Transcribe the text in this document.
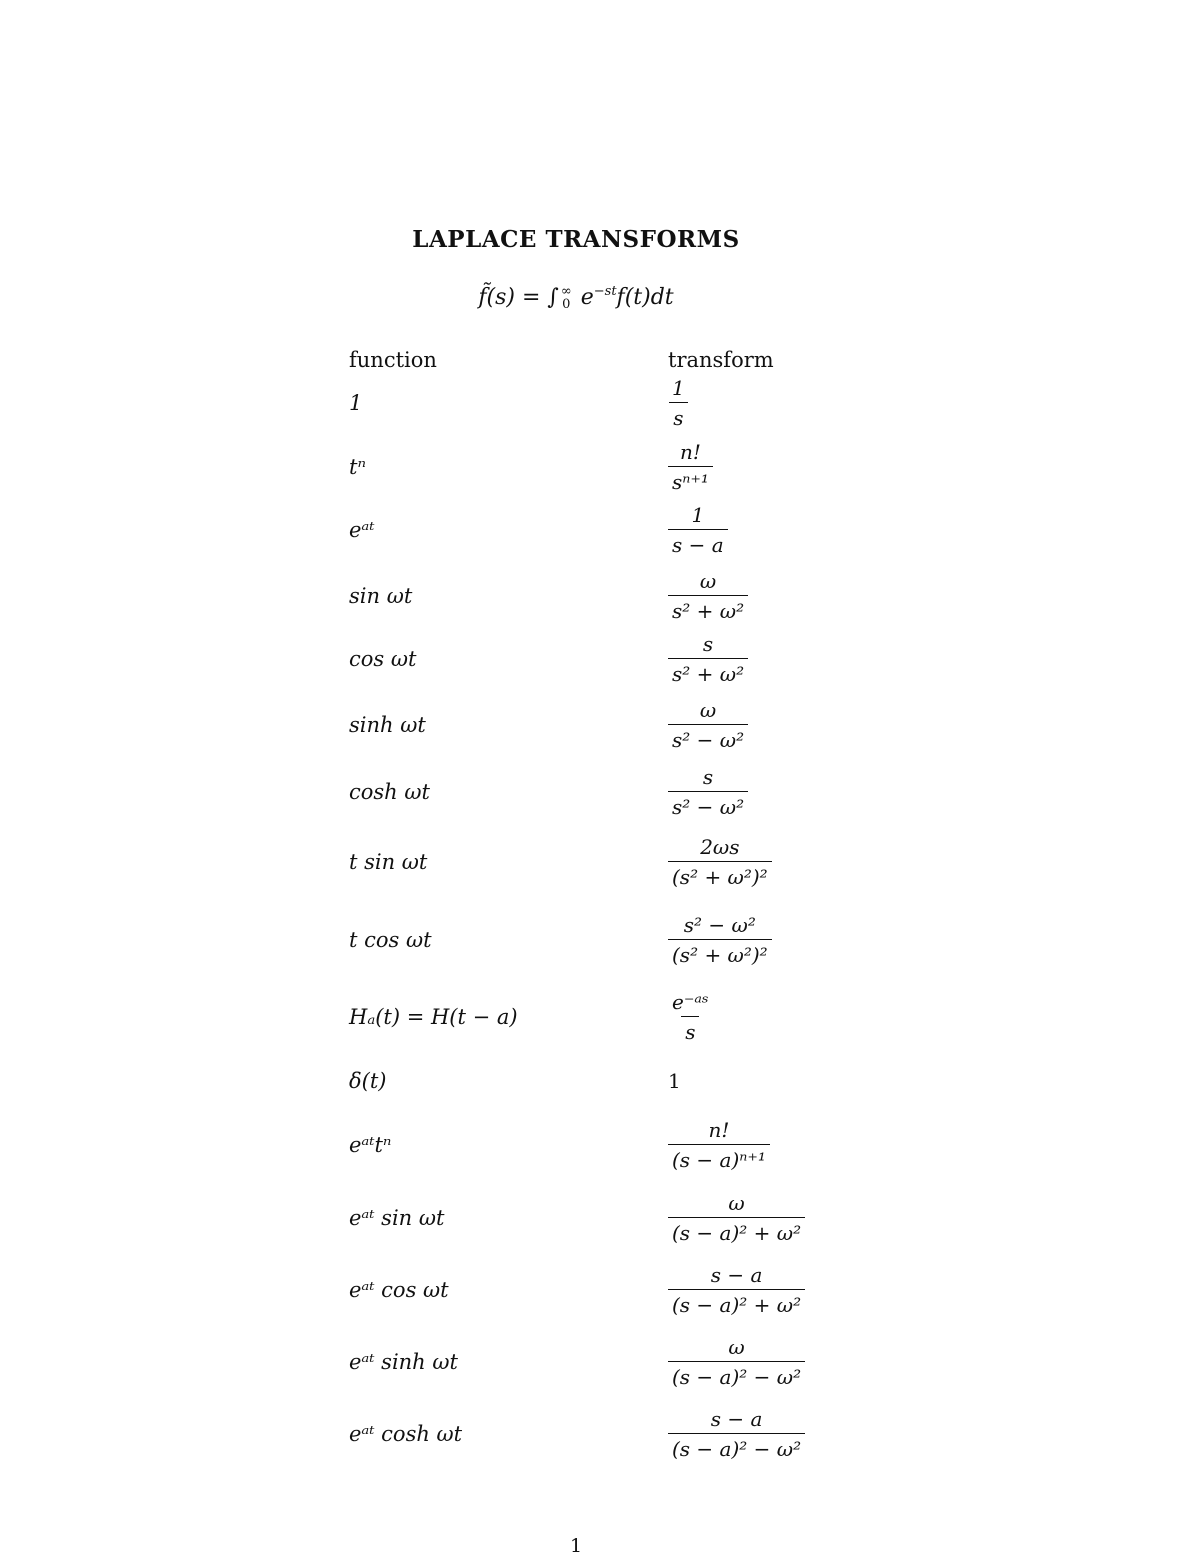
LAPLACE TRANSFORMS
f̃(s) = ∫ ∞
0 $e^{-st}f(t)dt$
function	transform
1	$\frac{1}{s}$
tⁿ	$\frac{n!}{\text{sⁿ⁺¹}}$
eᵃᵗ	$\frac{1}{s - a}$
sin ωt	$\frac{\omega}{\text{s² + ω²}}$
cos ωt	$\frac{s}{\text{s² + ω²}}$
sinh ωt	$\frac{\omega}{\text{s² − ω²}}$
cosh ωt	$\frac{s}{\text{s² − ω²}}$
t sin ωt	$\frac{2\omega s}{\text{(s² + ω²)²}}$
t cos ωt	$\frac{\text{s² − ω²}}{\text{(s² + ω²)²}}$
Hₐ(t) = H(t − a)	$\frac{\text{e⁻ᵃˢ}}{s}$
δ(t)	1
eᵃᵗtⁿ	$\frac{n!}{\text{(s − a)ⁿ⁺¹}}$
eᵃᵗ sin ωt	$\frac{\omega}{\text{(s − a)² + ω²}}$
eᵃᵗ cos ωt	$\frac{s - a}{\text{(s − a)² + ω²}}$
eᵃᵗ sinh ωt	$\frac{\omega}{\text{(s − a)² − ω²}}$
eᵃᵗ cosh ωt	$\frac{s - a}{\text{(s − a)² − ω²}}$
1
